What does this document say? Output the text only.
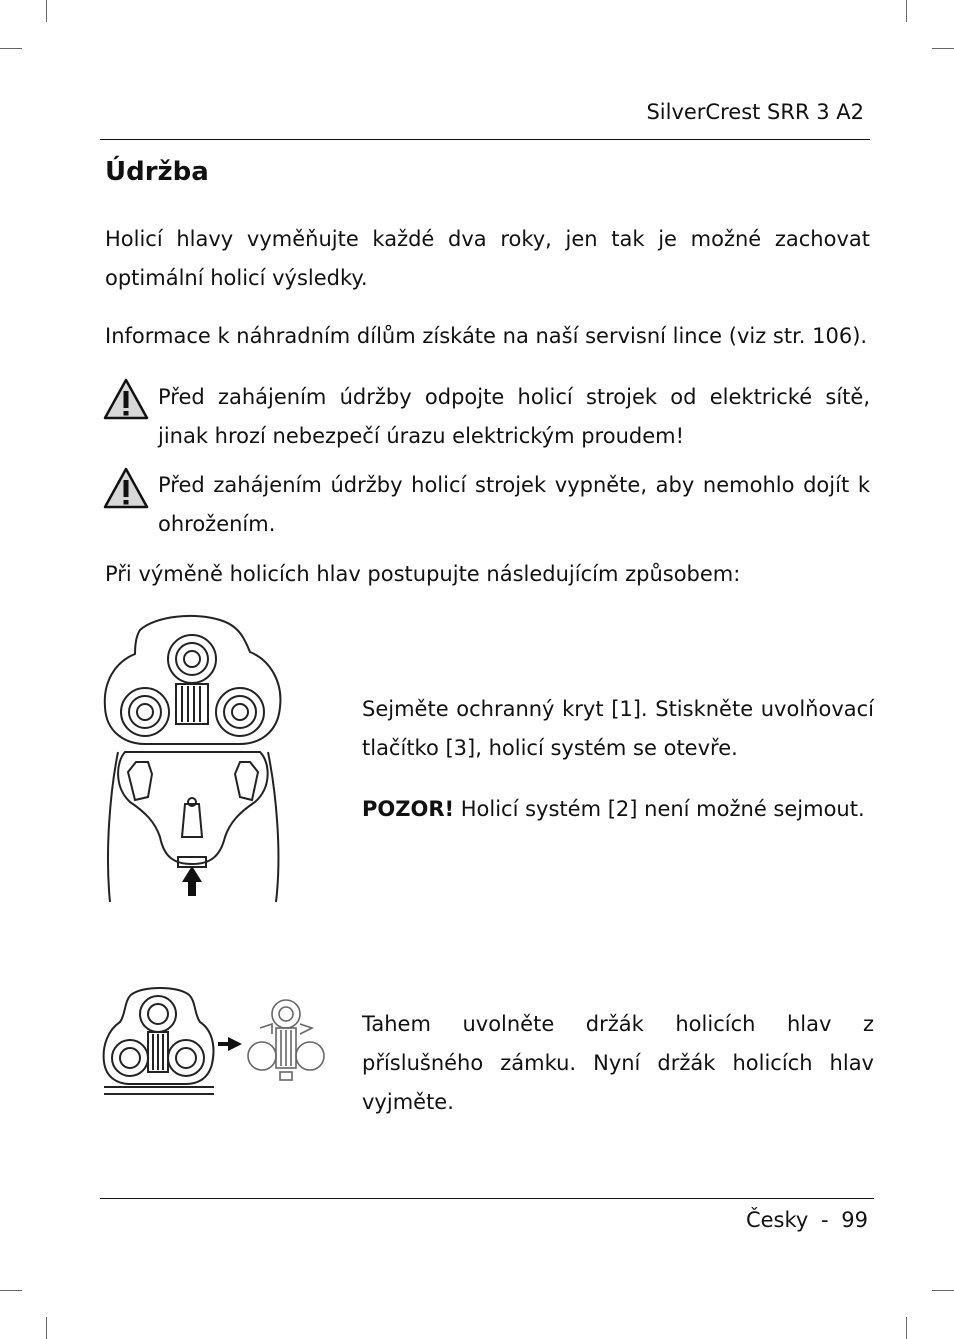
SilverCrest SRR 3 A2
Údržba

Holicí hlavy vyměňujte každé dva roky, jen tak je možné zachovat optimální holicí výsledky.

Informace k náhradním dílům získáte na naší servisní lince (viz str. 106).

Před zahájením údržby odpojte holicí strojek od elektrické sítě, jinak hrozí nebezpečí úrazu elektrickým proudem!

Před zahájením údržby holicí strojek vypněte, aby nemohlo dojít k ohrožením.

Při výměně holicích hlav postupujte následujícím způsobem:

Sejměte ochranný kryt [1]. Stiskněte uvolňovací tlačítko [3], holicí systém se otevře.

POZOR! Holicí systém [2] není možné sejmout.

Tahem uvolněte držák holicích hlav z příslušného zámku. Nyní držák holicích hlav vyjměte.

Česky - 99
